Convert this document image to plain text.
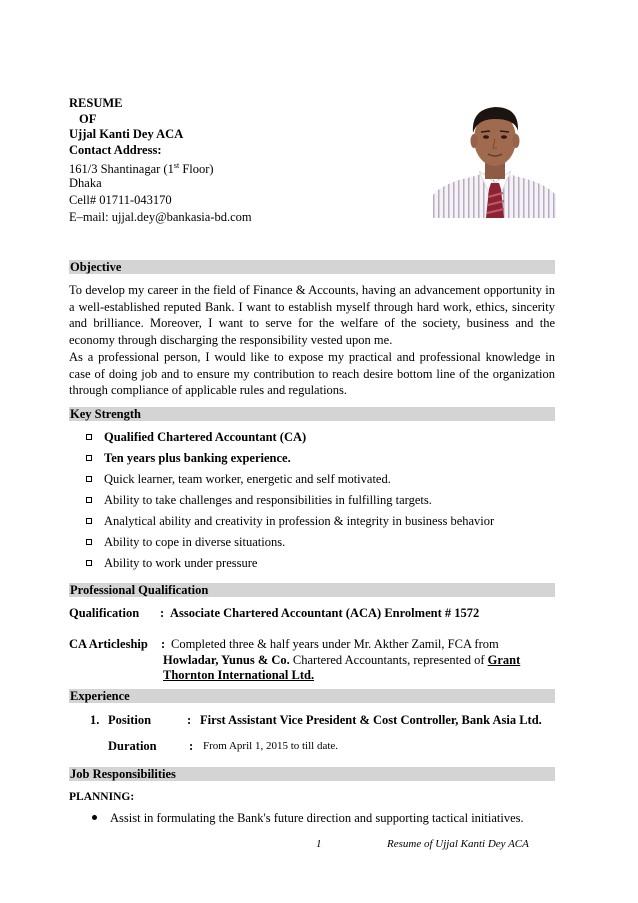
RESUME
OF
Ujjal Kanti Dey ACA
Contact Address:
161/3 Shantinagar (1st Floor)
Dhaka
Cell# 01711-043170
E–mail: ujjal.dey@bankasia-bd.com
Objective

To develop my career in the field of Finance & Accounts, having an advancement opportunity in a well-established reputed Bank. I want to establish myself through hard work, ethics, sincerity and brilliance. Moreover, I want to serve for the welfare of the society, business and the economy through discharging the responsibility vested upon me.

As a professional person, I would like to expose my practical and professional knowledge in case of doing job and to ensure my contribution to reach desire bottom line of the organization through compliance of applicable rules and regulations.

Key Strength
Qualified Chartered Accountant (CA)
Ten years plus banking experience.
Quick learner, team worker, energetic and self motivated.
Ability to take challenges and responsibilities in fulfilling targets.
Analytical ability and creativity in profession & integrity in business behavior
Ability to cope in diverse situations.
Ability to work under pressure
Professional Qualification
Qualification : Associate Chartered Accountant (ACA) Enrolment # 1572
CA Articleship : Completed three & half years under Mr. Akther Zamil, FCA from
Howladar, Yunus & Co. Chartered Accountants, represented of Grant
Thornton International Ltd.
Experience
1. Position	: First Assistant Vice President & Cost Controller, Bank Asia Ltd.
Duration	: From April 1, 2015 to till date.
Job Responsibilities
PLANNING:
Assist in formulating the Bank's future direction and supporting tactical initiatives.
1	Resume of Ujjal Kanti Dey ACA
